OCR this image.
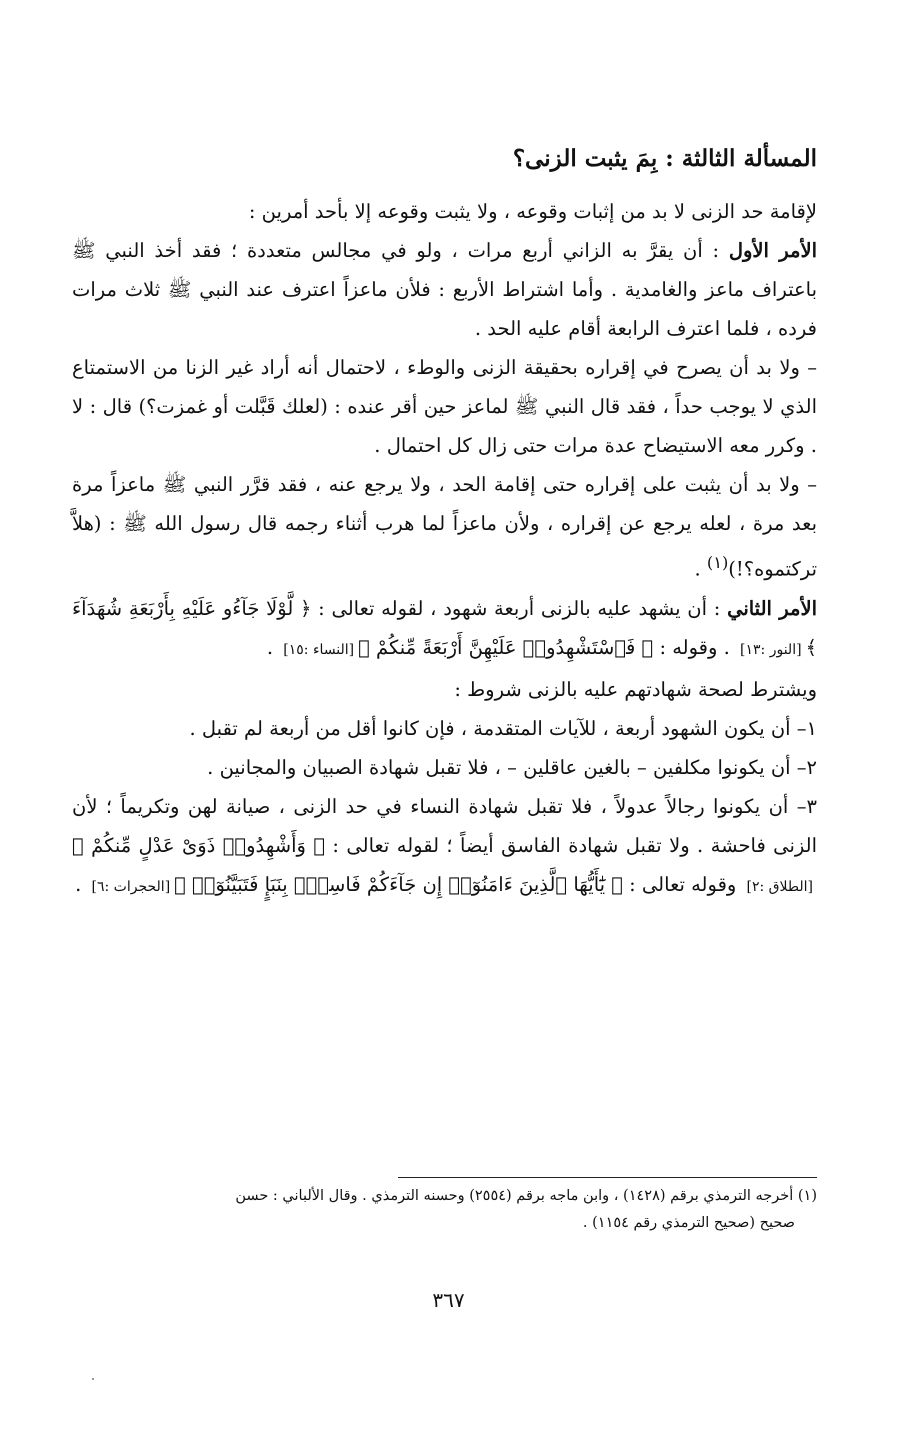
المسألة الثالثة : بِمَ يثبت الزنى؟

لإقامة حد الزنى لا بد من إثبات وقوعه ، ولا يثبت وقوعه إلا بأحد أمرين :

الأمر الأول : أن يقرَّ به الزاني أربع مرات ، ولو في مجالس متعددة ؛ فقد أخذ النبي ﷺ باعتراف ماعز والغامدية . وأما اشتراط الأربع : فلأن ماعزاً اعترف عند النبي ﷺ ثلاث مرات فرده ، فلما اعترف الرابعة أقام عليه الحد .

– ولا بد أن يصرح في إقراره بحقيقة الزنى والوطء ، لاحتمال أنه أراد غير الزنا من الاستمتاع الذي لا يوجب حداً ، فقد قال النبي ﷺ لماعز حين أقر عنده : (لعلك قَبَّلت أو غمزت؟) قال : لا . وكرر معه الاستيضاح عدة مرات حتى زال كل احتمال .

– ولا بد أن يثبت على إقراره حتى إقامة الحد ، ولا يرجع عنه ، فقد قرَّر النبي ﷺ ماعزاً مرة بعد مرة ، لعله يرجع عن إقراره ، ولأن ماعزاً لما هرب أثناء رجمه قال رسول الله ﷺ : (هلاَّ تركتموه؟!)$^{(١)}$ .

الأمر الثاني : أن يشهد عليه بالزنى أربعة شهود ، لقوله تعالى : ﴿ لَّوْلَا جَآءُو عَلَيْهِ بِأَرْبَعَةِ شُهَدَآءَ ﴾[النور :١٣] . وقوله : ﴿ فَٱسْتَشْهِدُوا۟ عَلَيْهِنَّ أَرْبَعَةً مِّنكُمْ ﴾[النساء :١٥] .

ويشترط لصحة شهادتهم عليه بالزنى شروط :

١– أن يكون الشهود أربعة ، للآيات المتقدمة ، فإن كانوا أقل من أربعة لم تقبل .

٢– أن يكونوا مكلفين – بالغين عاقلين – ، فلا تقبل شهادة الصبيان والمجانين .

٣– أن يكونوا رجالاً عدولاً ، فلا تقبل شهادة النساء في حد الزنى ، صيانة لهن وتكريماً ؛ لأن الزنى فاحشة . ولا تقبل شهادة الفاسق أيضاً ؛ لقوله تعالى : ﴿ وَأَشْهِدُوا۟ ذَوَىْ عَدْلٍ مِّنكُمْ ﴾[الطلاق :٢] وقوله تعالى : ﴿ يَٰٓأَيُّهَا ٱلَّذِينَ ءَامَنُوٓا۟ إِن جَآءَكُمْ فَاسِقٌۢ بِنَبَإٍ فَتَبَيَّنُوٓا۟ ﴾[الحجرات :٦] .

(١) أخرجه الترمذي برقم (١٤٢٨) ، وابن ماجه برقم (٢٥٥٤) وحسنه الترمذي . وقال الألباني : حسن
صحيح (صحيح الترمذي رقم ١١٥٤) .
٣٦٧
